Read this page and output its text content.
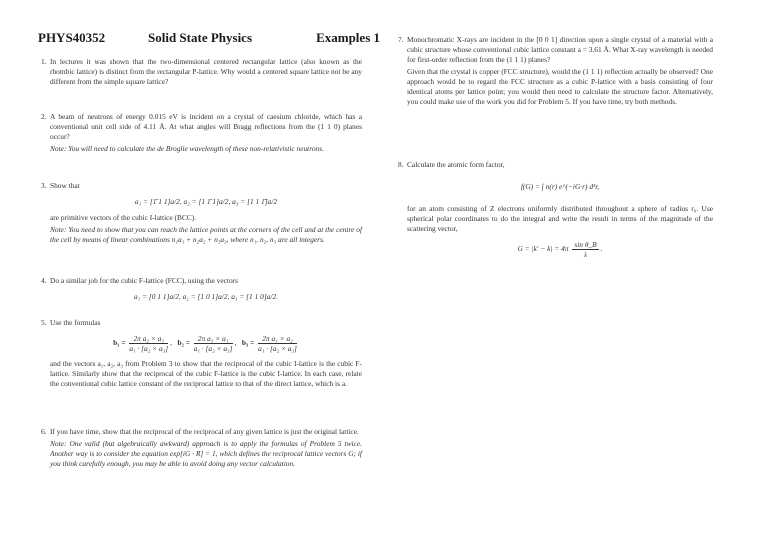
PHYS40352	Solid State Physics	Examples 1
1. In lectures it was shown that the two-dimensional centered rectangular lattice (also known as the rhombic lattice) is distinct from the rectangular P-lattice. Why would a centered square lattice not be any different from the simple square lattice?

2. A beam of neutrons of energy 0.015 eV is incident on a crystal of caesium chloride, which has a conventional unit cell side of 4.11 Å. At what angles will Bragg reflections from the (1 1 0) planes occur?

Note: You will need to calculate the de Broglie wavelength of these non-relativistic neutrons.

3. Show that

a₁ = [1̄ 1 1]a/2, a₂ = [1 1̄ 1]a/2, a₃ = [1 1 1̄]a/2

are primitive vectors of the cubic I-lattice (BCC).

Note: You need to show that you can reach the lattice points at the corners of the cell and at the centre of the cell by means of linear combinations n₁a₁ + n₂a₂ + n₃a₃, where n₁, n₂, n₃ are all integers.

4. Do a similar job for the cubic F-lattice (FCC), using the vectors

a₁ = [0 1 1]a/2, a₂ = [1 0 1]a/2, a₃ = [1 1 0]a/2.
5. Use the formulas

$b_1 = \frac{\text{2π a₂ × a₃}}{\text{a₁ · [a₂ × a₃]}}$ ,   $b_2 = \frac{\text{2π a₃ × a₁}}{\text{a₁ · [a₂ × a₃]}}$ ,   $b_3 = \frac{\text{2π a₁ × a₂}}{\text{a₁ · [a₂ × a₃]}}$

and the vectors a₁, a₂, a₃ from Problem 3 to show that the reciprocal of the cubic I-lattice is the cubic F-lattice. Similarly show that the reciprocal of the cubic F-lattice is the cubic I-lattice. In each case, relate the conventional cubic lattice constant of the reciprocal lattice to that of the direct lattice, which is a.

6. If you have time, show that the reciprocal of the reciprocal of any given lattice is just the original lattice.

Note: One valid (but algebraically awkward) approach is to apply the formulas of Problem 5 twice. Another way is to consider the equation exp[iG · R] = 1, which defines the reciprocal lattice vectors G; if you think carefully enough, you may be able to avoid doing any vector calculation.

7. Monochromatic X-rays are incident in the [0 0 1] direction upon a single crystal of a material with a cubic structure whose conventional cubic lattice constant a = 3.61 Å. What X-ray wavelength is needed for first-order reflection from the (1 1 1) planes?

Given that the crystal is copper (FCC structure), would the (1 1 1) reflection actually be observed? One approach would be to regard the FCC structure as a cubic P-lattice with a basis consisting of four identical atoms per lattice point; you would then need to calculate the structure factor. Alternatively, you could make use of the work you did for Problem 5. If you have time, try both methods.

8. Calculate the atomic form factor,

f(G) = ∫ n(r) e^(−iG·r) d³r,

for an atom consisting of Z electrons uniformly distributed throughout a sphere of radius r₀. Use spherical polar coordinates to do the integral and write the result in terms of the magnitude of the scattering vector,

$G = |k' - k| = 4\pi \frac{\text{sin θ\_B}}{\lambda}$ .
